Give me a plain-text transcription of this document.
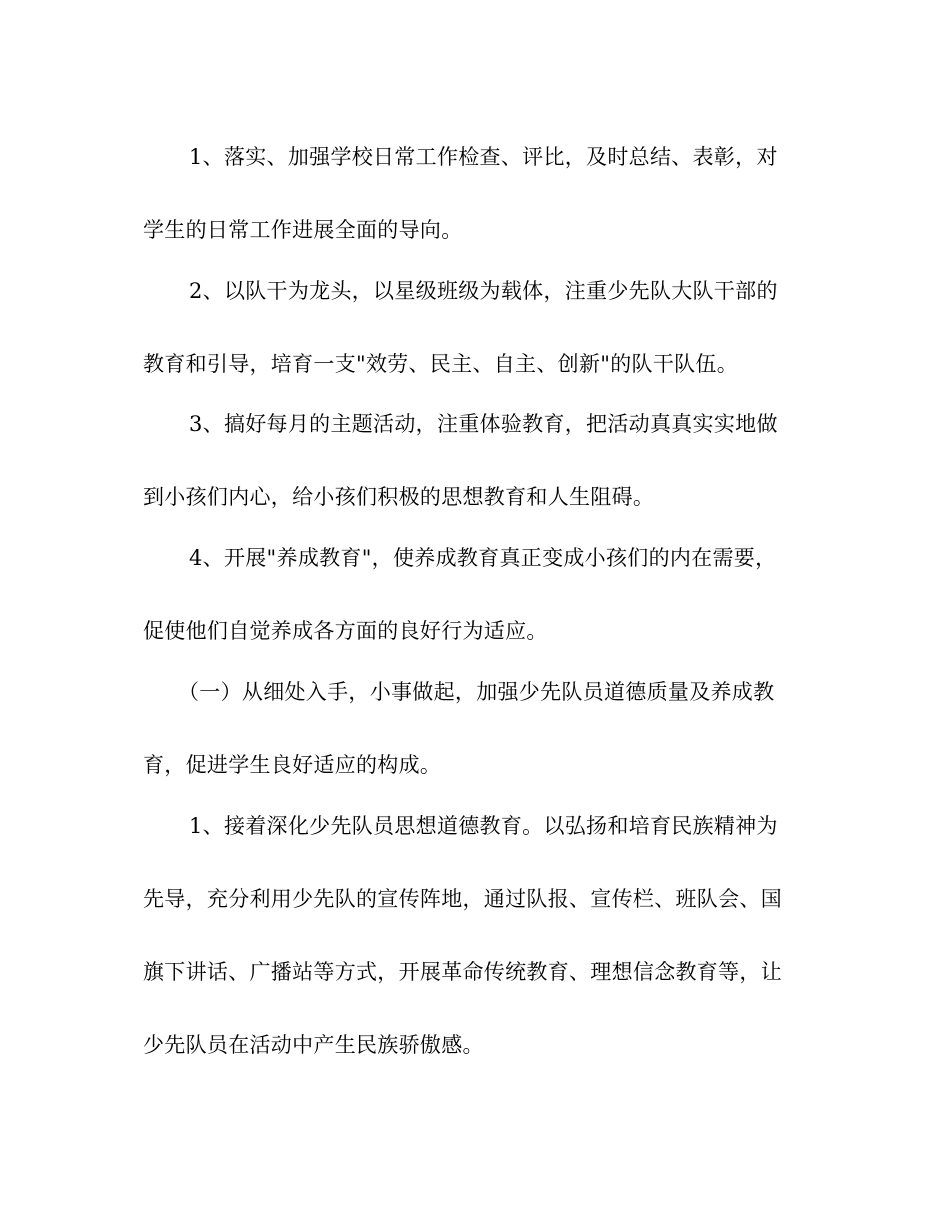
1、落实、加强学校日常工作检查、评比，及时总结、表彰，对
学生的日常工作进展全面的导向。
2、以队干为龙头，以星级班级为载体，注重少先队大队干部的
教育和引导，培育一支"效劳、民主、自主、创新"的队干队伍。
3、搞好每月的主题活动，注重体验教育，把活动真真实实地做
到小孩们内心，给小孩们积极的思想教育和人生阻碍。
4、开展"养成教育"，使养成教育真正变成小孩们的内在需要，
促使他们自觉养成各方面的良好行为适应。
（一）从细处入手，小事做起，加强少先队员道德质量及养成教
育，促进学生良好适应的构成。
1、接着深化少先队员思想道德教育。以弘扬和培育民族精神为
先导，充分利用少先队的宣传阵地，通过队报、宣传栏、班队会、国
旗下讲话、广播站等方式，开展革命传统教育、理想信念教育等，让
少先队员在活动中产生民族骄傲感。
